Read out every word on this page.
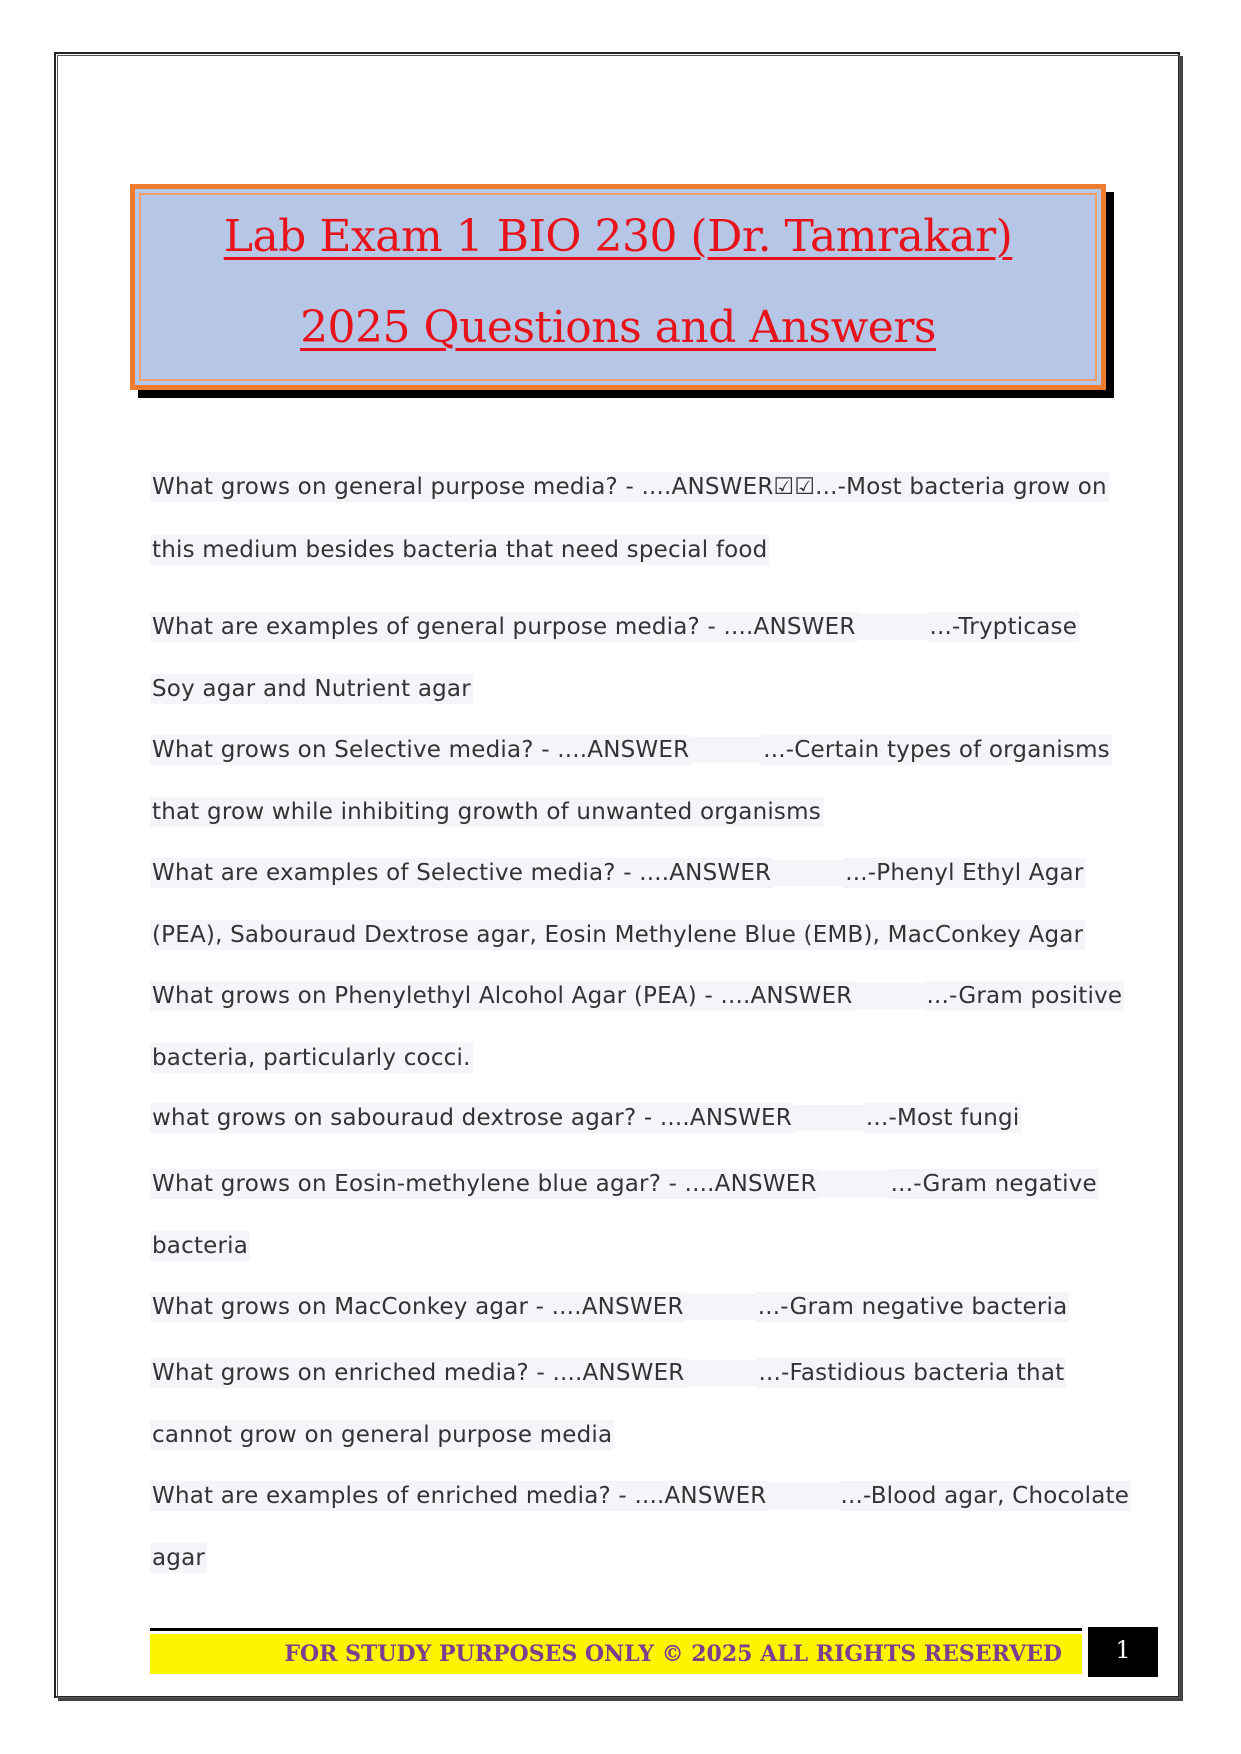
Lab Exam 1 BIO 230 (Dr. Tamrakar)
2025 Questions and Answers
What grows on general purpose media? - ....ANSWER☑☑...-Most bacteria grow on
this medium besides bacteria that need special food
What are examples of general purpose media? - ....ANSWER	...-Trypticase
Soy agar and Nutrient agar
What grows on Selective media? - ....ANSWER	...-Certain types of organisms
that grow while inhibiting growth of unwanted organisms
What are examples of Selective media? - ....ANSWER	...-Phenyl Ethyl Agar
(PEA), Sabouraud Dextrose agar, Eosin Methylene Blue (EMB), MacConkey Agar
What grows on Phenylethyl Alcohol Agar (PEA) - ....ANSWER	...-Gram positive
bacteria, particularly cocci.
what grows on sabouraud dextrose agar? - ....ANSWER	...-Most fungi
What grows on Eosin-methylene blue agar? - ....ANSWER	...-Gram negative
bacteria
What grows on MacConkey agar - ....ANSWER	...-Gram negative bacteria
What grows on enriched media? - ....ANSWER	...-Fastidious bacteria that
cannot grow on general purpose media
What are examples of enriched media? - ....ANSWER	...-Blood agar, Chocolate
agar
FOR STUDY PURPOSES ONLY © 2025 ALL RIGHTS RESERVED	1
